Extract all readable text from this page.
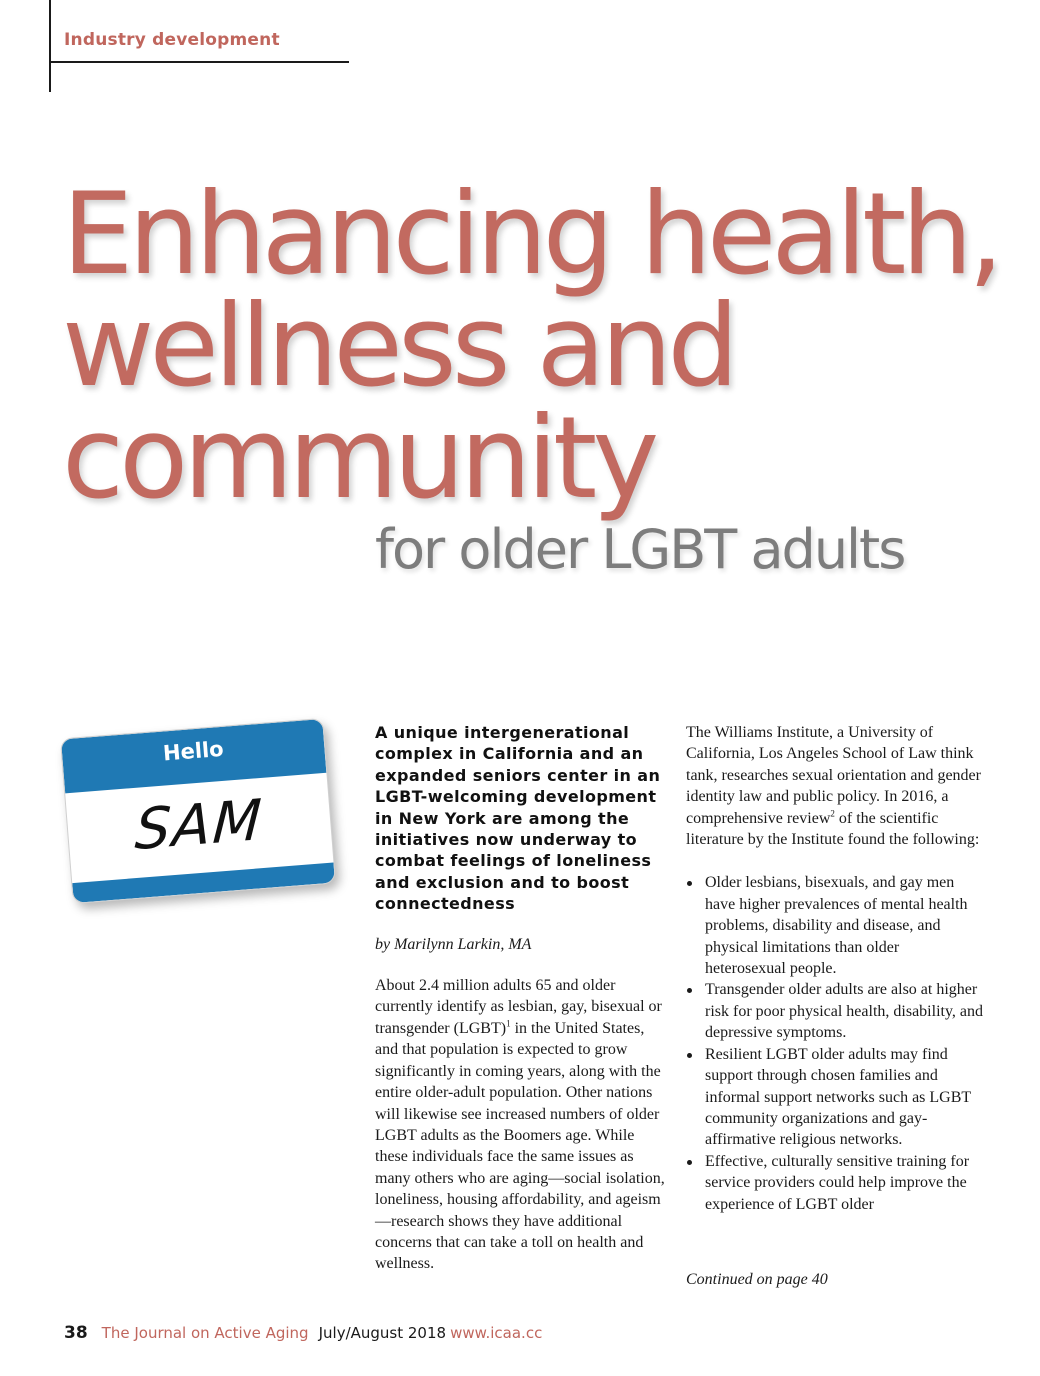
Industry development
Enhancing health,
wellness and
community
for older LGBT adults
Hello
SAM

A unique intergenerational complex in California and an expanded seniors center in an LGBT-welcoming development in New York are among the initiatives now underway to combat feelings of loneliness and exclusion and to boost connectedness

by Marilynn Larkin, MA

About 2.4 million adults 65 and older currently identify as lesbian, gay, bisexual or transgender (LGBT)$^1$ in the United States, and that population is expected to grow significantly in coming years, along with the entire older-adult population. Other nations will likewise see increased numbers of older LGBT adults as the Boomers age. While these individuals face the same issues as many others who are aging—social isolation, loneliness, housing affordability, and ageism—research shows they have additional concerns that can take a toll on health and wellness.

The Williams Institute, a University of California, Los Angeles School of Law think tank, researches sexual orientation and gender identity law and public policy. In 2016, a comprehensive review$^2$ of the scientific literature by the Institute found the following:

Older lesbians, bisexuals, and gay men have higher prevalences of mental health problems, disability and disease, and physical limitations than older heterosexual people.
Transgender older adults are also at higher risk for poor physical health, disability, and depressive symptoms.
Resilient LGBT older adults may find support through chosen families and informal support networks such as LGBT community organizations and gay-affirmative religious networks.
Effective, culturally sensitive training for service providers could help improve the experience of LGBT older
Continued on page 40
38 The Journal on Active Aging July/August 2018 www.icaa.cc
